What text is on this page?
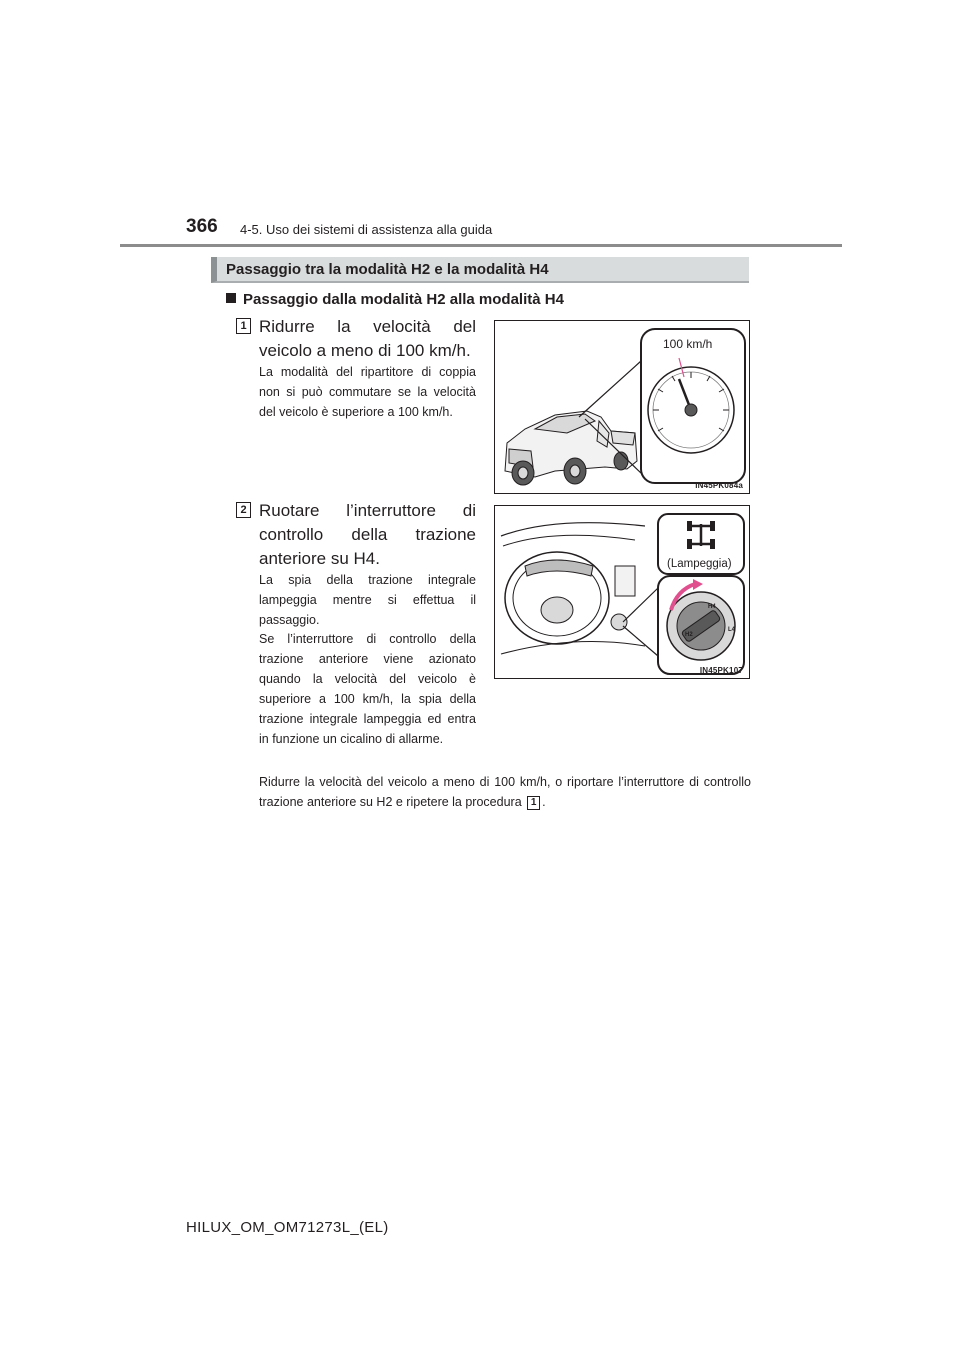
366 4-5. Uso dei sistemi di assistenza alla guida
Passaggio tra la modalità H2 e la modalità H4
Passaggio dalla modalità H2 alla modalità H4
1 Ridurre la velocità del veicolo a meno di 100 km/h.
La modalità del ripartitore di coppia non si può commutare se la velocità del veicolo è superiore a 100 km/h.
100 km/h
IN45PK084a
2 Ruotare l’interruttore di controllo della trazione anteriore su H4.
La spia della trazione integrale lampeggia mentre si effettua il passaggio.
Se l’interruttore di controllo della trazione anteriore viene azionato quando la velocità del veicolo è superiore a 100 km/h, la spia della trazione integrale lampeggia ed entra in funzione un cicalino di allarme.
(Lampeggia)
H4
H2
L4
IN45PK107
Ridurre la velocità del veicolo a meno di 100 km/h, o riportare l’interruttore di controllo trazione anteriore su H2 e ripetere la procedura 1 .
HILUX_OM_OM71273L_(EL)
